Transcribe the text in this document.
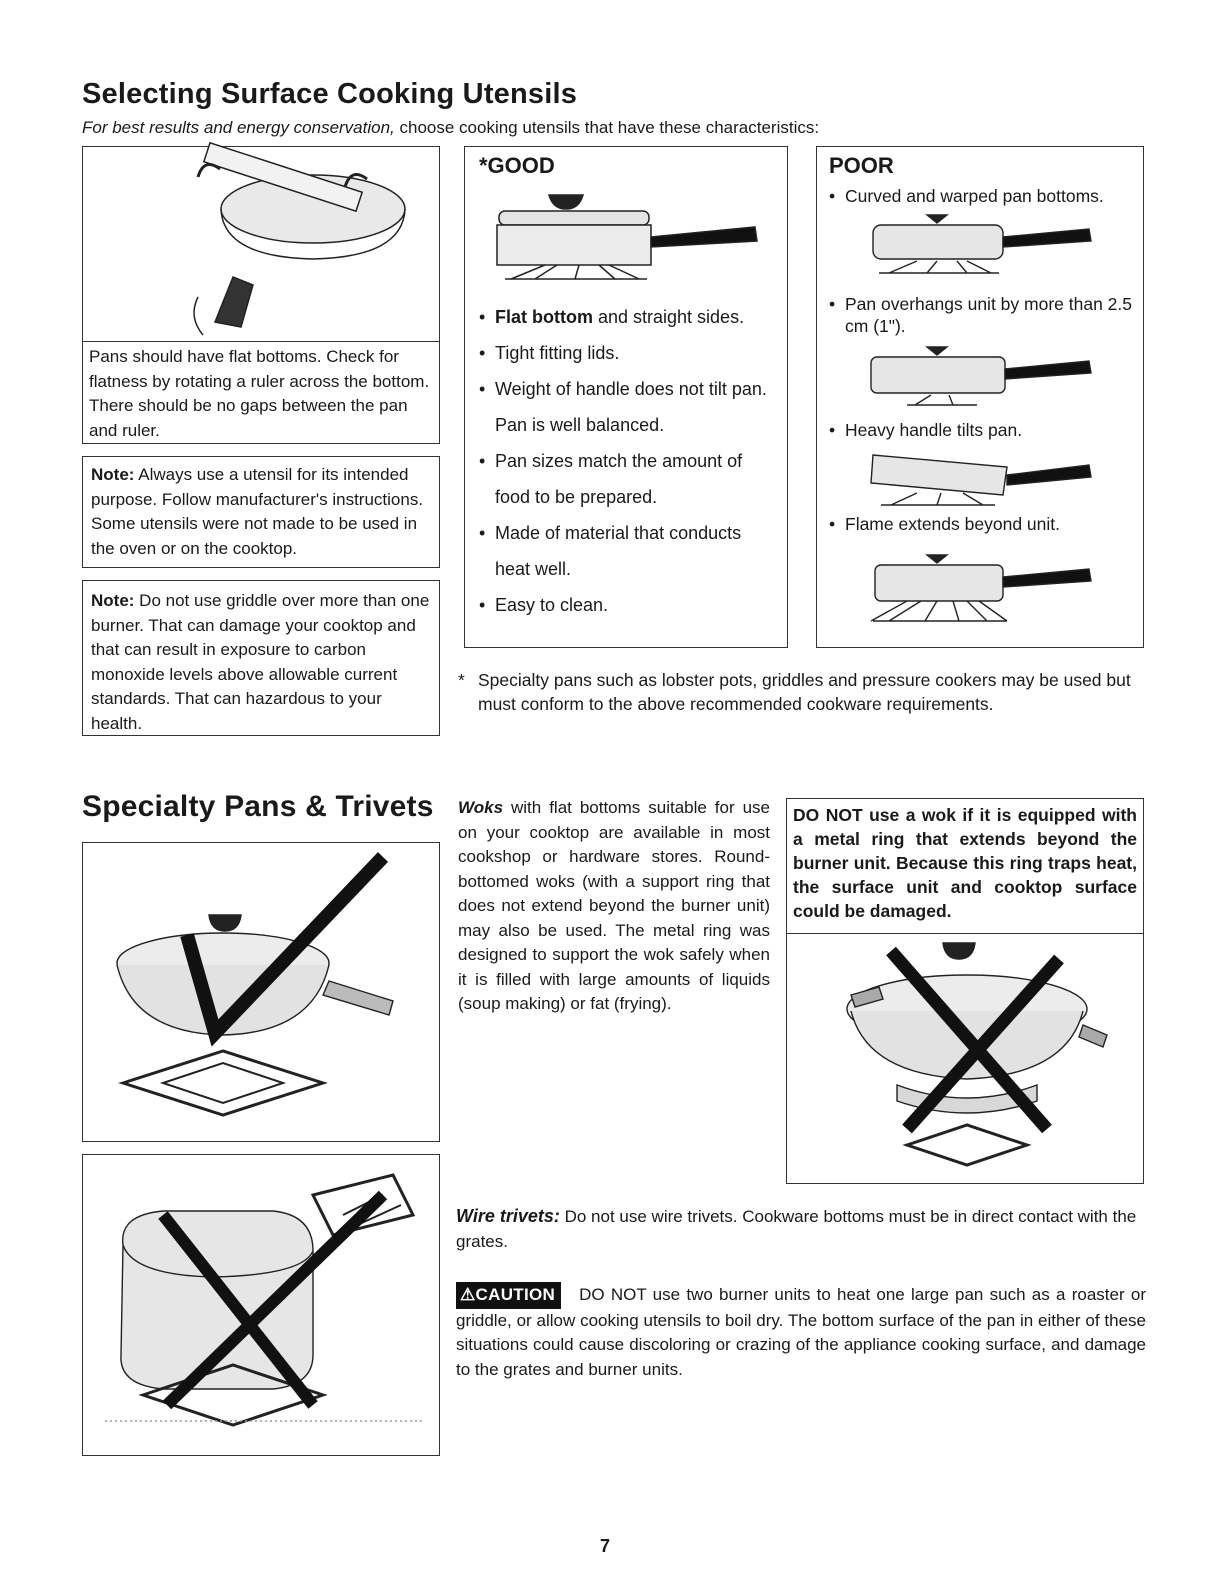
Selecting Surface Cooking Utensils
For best results and energy conservation, choose cooking utensils that have these characteristics:
Pans should have flat bottoms. Check for flatness by rotating a ruler across the bottom. There should be no gaps between the pan and ruler.
Note: Always use a utensil for its intended purpose. Follow manufacturer's instructions. Some utensils were not made to be used in the oven or on the cooktop.
Note: Do not use griddle over more than one burner. That can damage your cooktop and that can result in exposure to carbon monoxide levels above allowable current standards. That can hazardous to your health.
*GOOD
• Flat bottom and straight sides.
• Tight fitting lids.
• Weight of handle does not tilt pan. Pan is well balanced.
• Pan sizes match the amount of food to be prepared.
• Made of material that conducts heat well.
• Easy to clean.
POOR
• Curved and warped pan bottoms.
• Pan overhangs unit by more than 2.5 cm (1").
• Heavy handle tilts pan.
• Flame extends beyond unit.
* Specialty pans such as lobster pots, griddles and pressure cookers may be used but must conform to the above recommended cookware requirements.
Specialty Pans & Trivets Woks with flat bottoms suitable for use on your cooktop are available in most cookshop or hardware stores. Round-bottomed woks (with a support ring that does not extend beyond the burner unit) may also be used. The metal ring was designed to support the wok safely when it is filled with large amounts of liquids (soup making) or fat (frying).
DO NOT use a wok if it is equipped with a metal ring that extends beyond the burner unit. Because this ring traps heat, the surface unit and cooktop surface could be damaged.
Wire trivets: Do not use wire trivets. Cookware bottoms must be in direct contact with the grates.
⚠CAUTION DO NOT use two burner units to heat one large pan such as a roaster or griddle, or allow cooking utensils to boil dry. The bottom surface of the pan in either of these situations could cause discoloring or crazing of the appliance cooking surface, and damage to the grates and burner units.
7
